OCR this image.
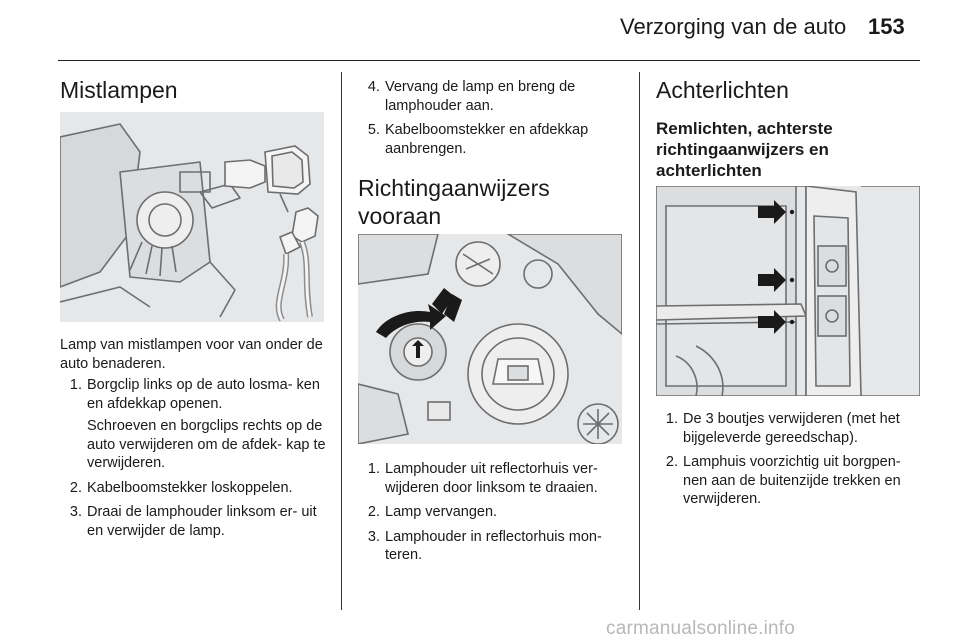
Verzorging van de auto 153
Mistlampen

Lamp van mistlampen voor van onder de auto benaderen.

1. Borgclip links op de auto losma- ken en afdekkap openen.

Schroeven en borgclips rechts op de auto verwijderen om de afdek- kap te verwijderen.

2. Kabelboomstekker loskoppelen.
3. Draai de lamphouder linksom er- uit en verwijder de lamp.
4. Vervang de lamp en breng de lamphouder aan.
5. Kabelboomstekker en afdekkap aanbrengen.
Richtingaanwijzers vooraan
1. Lamphouder uit reflectorhuis ver- wijderen door linksom te draaien.
2. Lamp vervangen.
3. Lamphouder in reflectorhuis mon- teren.
Achterlichten
Remlichten, achterste richtingaanwijzers en achterlichten
1. De 3 boutjes verwijderen (met het bijgeleverde gereedschap).
2. Lamphuis voorzichtig uit borgpen- nen aan de buitenzijde trekken en verwijderen.
carmanualsonline.info
